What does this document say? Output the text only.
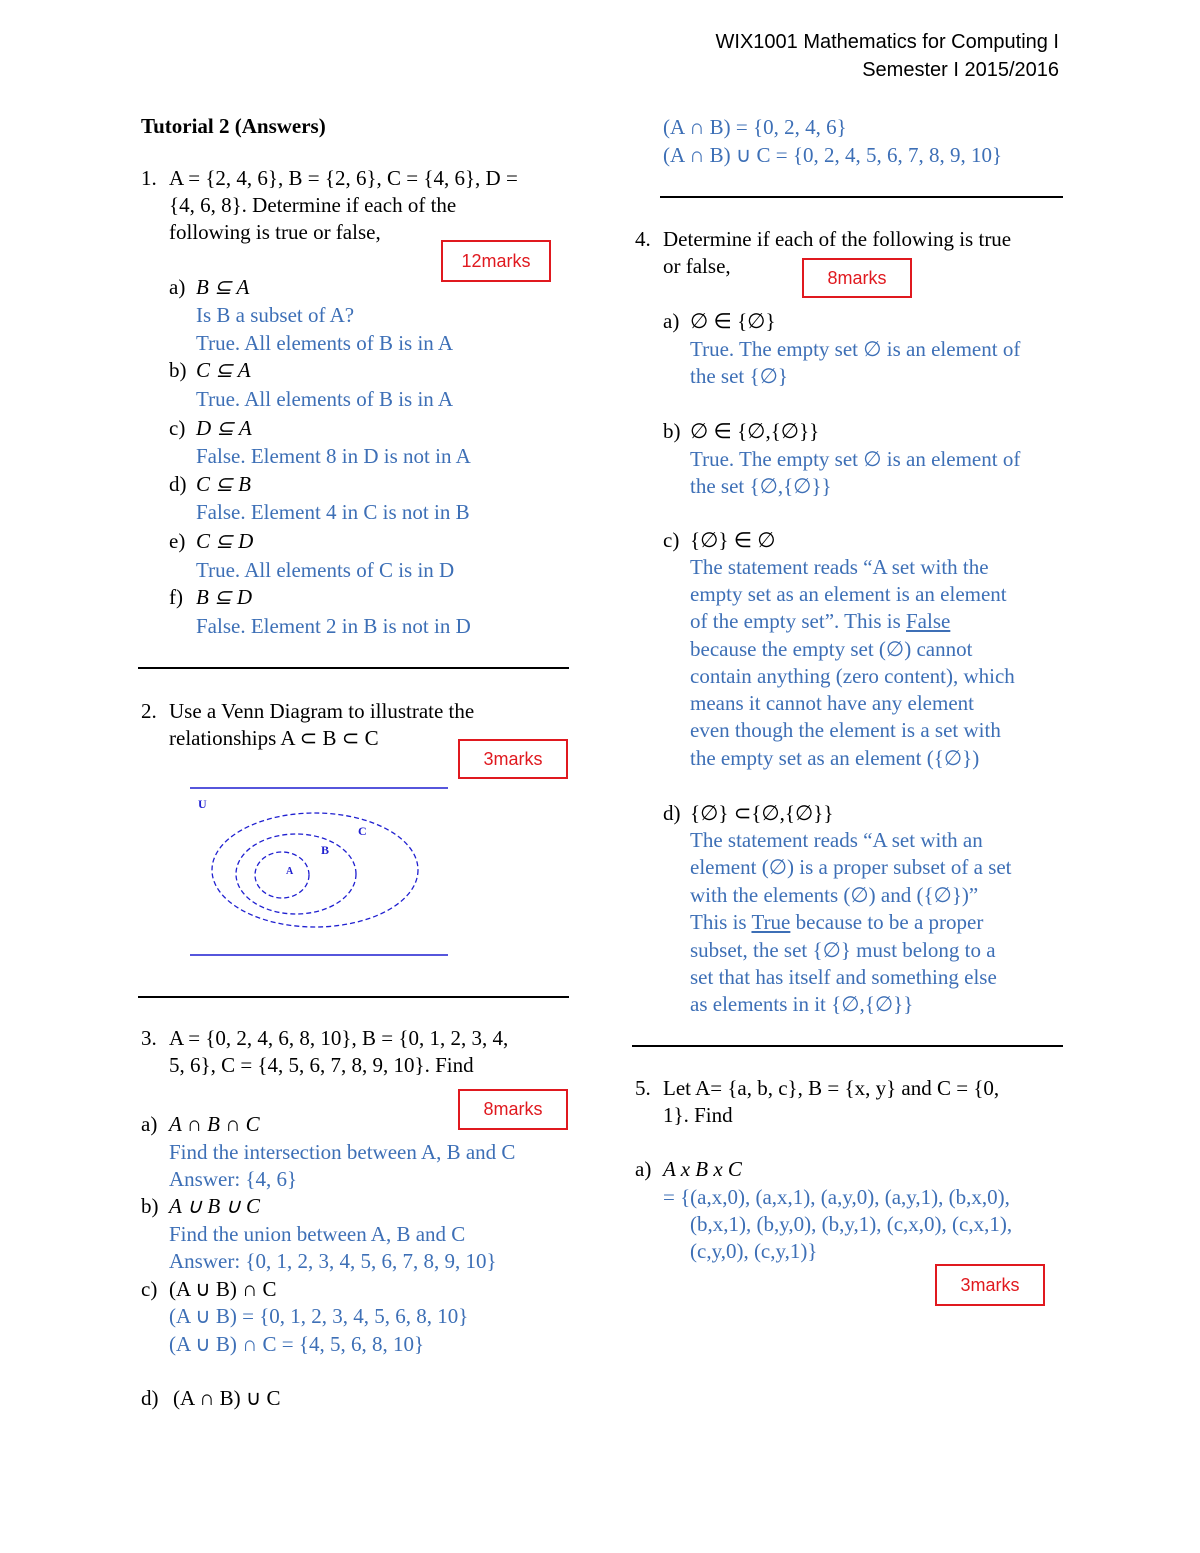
WIX1001 Mathematics for Computing I
Semester I 2015/2016
Tutorial 2 (Answers)
1. A = {2, 4, 6}, B = {2, 6}, C = {4, 6}, D =
{4, 6, 8}. Determine if each of the
following is true or false,
12marks
a) B ⊆ A
Is B a subset of A?
True. All elements of B is in A
b) C ⊆ A
True. All elements of B is in A
c) D ⊆ A
False. Element 8 in D is not in A
d) C ⊆ B
False. Element 4 in C is not in B
e) C ⊆ D
True. All elements of C is in D
f) B ⊆ D
False. Element 2 in B is not in D
2. Use a Venn Diagram to illustrate the
relationships A ⊂ B ⊂ C
3marks
U
C
B
A
3. A = {0, 2, 4, 6, 8, 10}, B = {0, 1, 2, 3, 4,
5, 6}, C = {4, 5, 6, 7, 8, 9, 10}. Find
8marks
a) A ∩ B ∩ C
Find the intersection between A, B and C
Answer: {4, 6}
b) A ∪ B ∪ C
Find the union between A, B and C
Answer: {0, 1, 2, 3, 4, 5, 6, 7, 8, 9, 10}
c) (A ∪ B) ∩ C
(A ∪ B) = {0, 1, 2, 3, 4, 5, 6, 8, 10}
(A ∪ B) ∩ C = {4, 5, 6, 8, 10}
d) (A ∩ B) ∪ C
(A ∩ B) = {0, 2, 4, 6}
(A ∩ B) ∪ C = {0, 2, 4, 5, 6, 7, 8, 9, 10}
4. Determine if each of the following is true
or false,	8marks
a) ∅ ∈ {∅}
True. The empty set ∅ is an element of
the set {∅}
b) ∅ ∈ {∅,{∅}}
True. The empty set ∅ is an element of
the set {∅,{∅}}
c) {∅} ∈ ∅
The statement reads “A set with the
empty set as an element is an element
of the empty set”. This is False
because the empty set (∅) cannot
contain anything (zero content), which
means it cannot have any element
even though the element is a set with
the empty set as an element ({∅})
d) {∅} ⊂{∅,{∅}}
The statement reads “A set with an
element (∅) is a proper subset of a set
with the elements (∅) and ({∅})”
This is True because to be a proper
subset, the set {∅} must belong to a
set that has itself and something else
as elements in it {∅,{∅}}
5. Let A= {a, b, c}, B = {x, y} and C = {0,
1}. Find
a) A x B x C
= {(a,x,0), (a,x,1), (a,y,0), (a,y,1), (b,x,0),
(b,x,1), (b,y,0), (b,y,1), (c,x,0), (c,x,1),
(c,y,0), (c,y,1)}
3marks
